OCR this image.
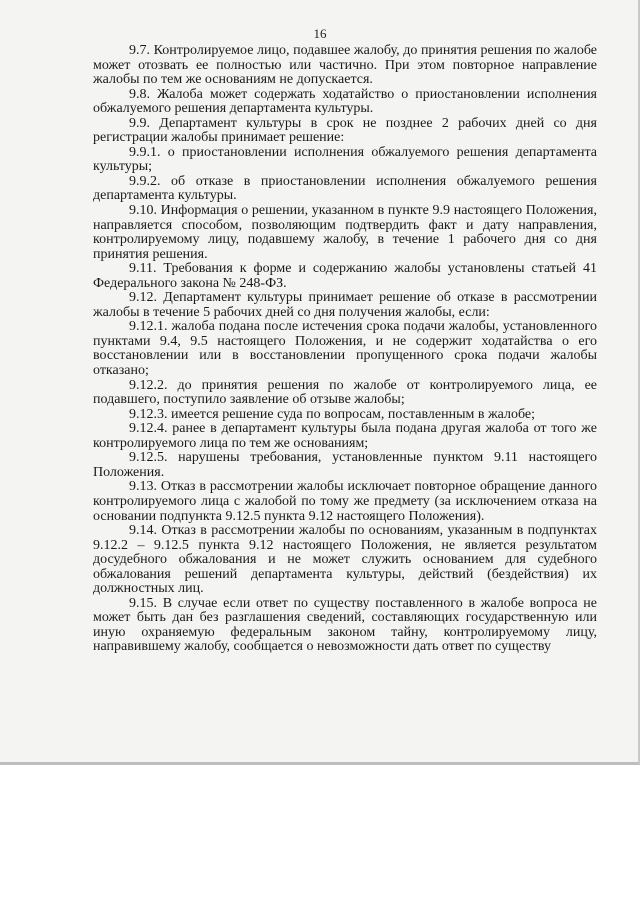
16

9.7. Контролируемое лицо, подавшее жалобу, до принятия решения по жалобе может отозвать ее полностью или частично. При этом повторное направление жалобы по тем же основаниям не допускается.

9.8. Жалоба может содержать ходатайство о приостановлении исполнения обжалуемого решения департамента культуры.

9.9. Департамент культуры в срок не позднее 2 рабочих дней со дня регистрации жалобы принимает решение:

9.9.1. о приостановлении исполнения обжалуемого решения департамента культуры;

9.9.2. об отказе в приостановлении исполнения обжалуемого решения департамента культуры.

9.10. Информация о решении, указанном в пункте 9.9 настоящего Положения, направляется способом, позволяющим подтвердить факт и дату направления, контролируемому лицу, подавшему жалобу, в течение 1 рабочего дня со дня принятия решения.

9.11. Требования к форме и содержанию жалобы установлены статьей 41 Федерального закона № 248-ФЗ.

9.12. Департамент культуры принимает решение об отказе в рассмотрении жалобы в течение 5 рабочих дней со дня получения жалобы, если:

9.12.1. жалоба подана после истечения срока подачи жалобы, установленного пунктами 9.4, 9.5 настоящего Положения, и не содержит ходатайства о его восстановлении или в восстановлении пропущенного срока подачи жалобы отказано;

9.12.2. до принятия решения по жалобе от контролируемого лица, ее подавшего, поступило заявление об отзыве жалобы;

9.12.3. имеется решение суда по вопросам, поставленным в жалобе;

9.12.4. ранее в департамент культуры была подана другая жалоба от того же контролируемого лица по тем же основаниям;

9.12.5. нарушены требования, установленные пунктом 9.11 настоящего Положения.

9.13. Отказ в рассмотрении жалобы исключает повторное обращение данного контролируемого лица с жалобой по тому же предмету (за исключением отказа на основании подпункта 9.12.5 пункта 9.12 настоящего Положения).

9.14. Отказ в рассмотрении жалобы по основаниям, указанным в подпунктах 9.12.2 – 9.12.5 пункта 9.12 настоящего Положения, не является результатом досудебного обжалования и не может служить основанием для судебного обжалования решений департамента культуры, действий (бездействия) их должностных лиц.

9.15. В случае если ответ по существу поставленного в жалобе вопроса не может быть дан без разглашения сведений, составляющих государственную или иную охраняемую федеральным законом тайну, контролируемому лицу, направившему жалобу, сообщается о невозможности дать ответ по существу
